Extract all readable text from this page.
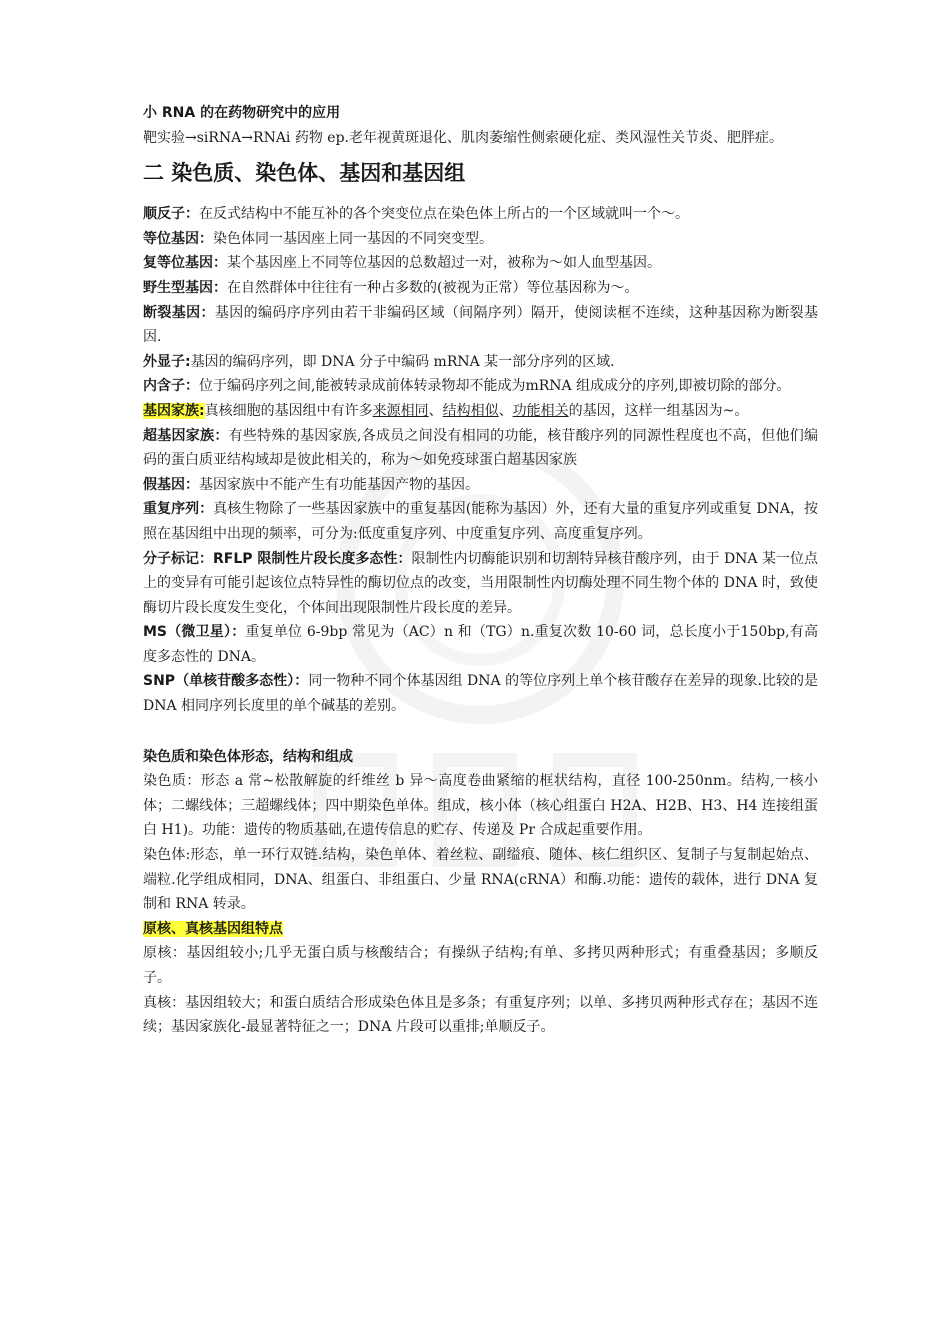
小 RNA 的在药物研究中的应用

靶实验→siRNA→RNAi 药物 ep.老年视黄斑退化、肌肉萎缩性侧索硬化症、类风湿性关节炎、肥胖症。

二 染色质、染色体、基因和基因组

顺反子：在反式结构中不能互补的各个突变位点在染色体上所占的一个区域就叫一个～。

等位基因：染色体同一基因座上同一基因的不同突变型。

复等位基因：某个基因座上不同等位基因的总数超过一对，被称为～如人血型基因。

野生型基因：在自然群体中往往有一种占多数的(被视为正常）等位基因称为～。

断裂基因：基因的编码序序列由若干非编码区域（间隔序列）隔开，使阅读框不连续，这种基因称为断裂基因.

外显子:基因的编码序列，即 DNA 分子中编码 mRNA 某一部分序列的区域.

内含子：位于编码序列之间,能被转录成前体转录物却不能成为mRNA 组成成分的序列,即被切除的部分。

基因家族:真核细胞的基因组中有许多来源相同、结构相似、功能相关的基因，这样一组基因为~。

超基因家族：有些特殊的基因家族,各成员之间没有相同的功能，核苷酸序列的同源性程度也不高，但他们编码的蛋白质亚结构域却是彼此相关的，称为～如免疫球蛋白超基因家族

假基因：基因家族中不能产生有功能基因产物的基因。

重复序列：真核生物除了一些基因家族中的重复基因(能称为基因）外，还有大量的重复序列或重复 DNA，按照在基因组中出现的频率，可分为:低度重复序列、中度重复序列、高度重复序列。

分子标记：RFLP 限制性片段长度多态性：限制性内切酶能识别和切割特异核苷酸序列，由于 DNA 某一位点上的变异有可能引起该位点特异性的酶切位点的改变，当用限制性内切酶处理不同生物个体的 DNA 时，致使酶切片段长度发生变化，个体间出现限制性片段长度的差异。

MS（微卫星）：重复单位 6-9bp 常见为（AC）n 和（TG）n.重复次数 10-60 词，总长度小于150bp,有高度多态性的 DNA。

SNP（单核苷酸多态性）：同一物种不同个体基因组 DNA 的等位序列上单个核苷酸存在差异的现象.比较的是 DNA 相同序列长度里的单个碱基的差别。

染色质和染色体形态，结构和组成

染色质：形态 a 常~松散解旋的纤维丝 b 异～高度卷曲紧缩的框状结构，直径 100-250nm。结构,一核小体；二螺线体；三超螺线体；四中期染色单体。组成，核小体（核心组蛋白 H2A、H2B、H3、H4 连接组蛋白 H1)。功能：遗传的物质基础,在遗传信息的贮存、传递及 Pr 合成起重要作用。

染色体:形态，单一环行双链.结构，染色单体、着丝粒、副缢痕、随体、核仁组织区、复制子与复制起始点、端粒.化学组成相同，DNA、组蛋白、非组蛋白、少量 RNA(cRNA）和酶.功能：遗传的载体，进行 DNA 复制和 RNA 转录。

原核、真核基因组特点

原核：基因组较小;几乎无蛋白质与核酸结合；有操纵子结构;有单、多拷贝两种形式；有重叠基因；多顺反子。

真核：基因组较大；和蛋白质结合形成染色体且是多条；有重复序列；以单、多拷贝两种形式存在；基因不连续；基因家族化-最显著特征之一；DNA 片段可以重排;单顺反子。
